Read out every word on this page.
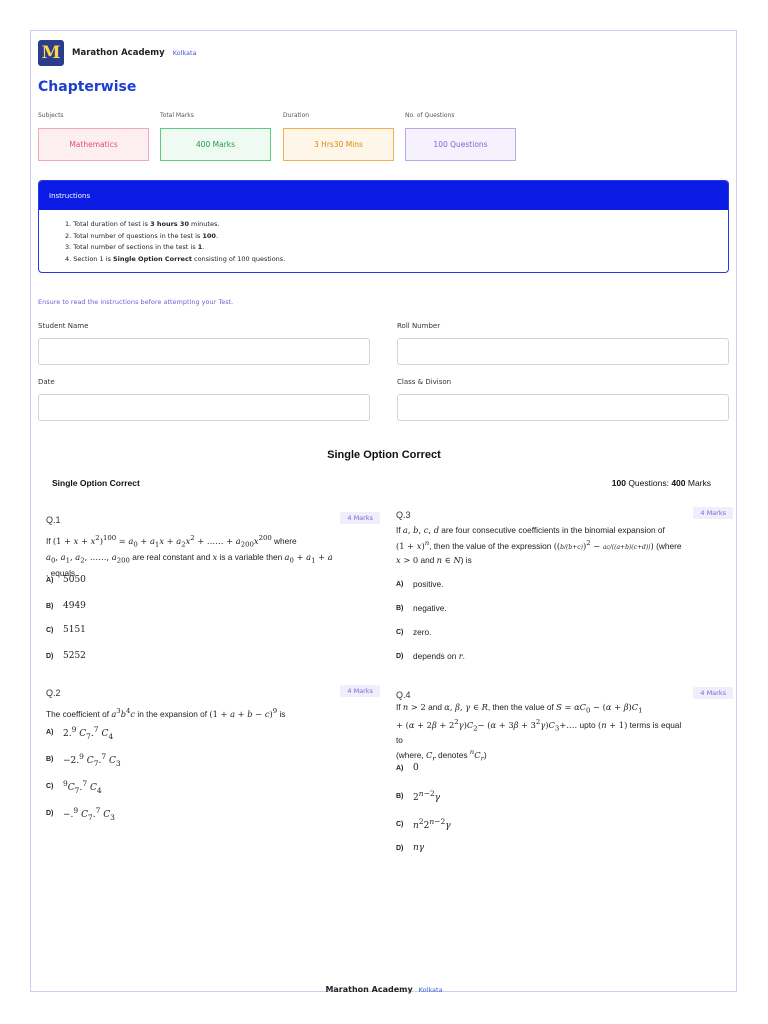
M	Marathon Academy Kolkata
Chapterwise
Subjects	Total Marks	Duration	No. of Questions
Mathematics	400 Marks	3 Hrs30 Mins	100 Questions
Instructions
1. Total duration of test is 3 hours 30 minutes.
2. Total number of questions in the test is 100.
3. Total number of sections in the test is 1.
4. Section 1 is Single Option Correct consisting of 100 questions.
Ensure to read the instructions before attempting your Test.
Student Name	Roll Number
Date	Class & Divison
Single Option Correct
Single Option Correct	100 Questions: 400 Marks
Q.1	4 Marks
If $(1 + x + x^2)^{100} = a_0 + a_1x + a_2x^2$ + …… + $a_{200}x^{200}$ where
$a_0$, $a_1$, $a_2$, ……, $a_{200}$ are real constant and x is a variable then $a_0 + a_1 + a$
, equals
A)	5050
B)	4949
C)	5151
D)	5252
Q.2	4 Marks
The coefficient of $a^3b^4c$ in the expansion of $(1 + a + b - c)^9$ is
A)	2.$^9$ $C_7.^7$ $C_4$
B)	−2.$^9$ $C_7.^7$ $C_3$
C)	$^9C_7.^7$ $C_4$
D)	−.$^9$ $C_7.^7$ $C_3$
Q.3	4 Marks
If a, b, c, d are four consecutive coefficients in the binomial expansion of
$(1 + x)^n$, then the value of the expression $((b/(b+c))^2 - ac/((a+b)(c+d)))$ (where
x > 0 and n ∈ N) is
A)	positive.
B)	negative.
C)	zero.
D)	depends on
r .
Q.4	4 Marks
If n > 2 and α, β, γ ∈ R, then the value of $S = \alpha C_0 - (\alpha + \beta)C_1$
+ $(\alpha + 2\beta + 2^2\gamma)C_2- (\alpha + 3\beta$ + $3^2\gamma)C_3+\dots$. upto (n + 1) terms is equal
to
(where, $C_r$ denotes $^nC_r$)
A)	0
B)	$2^{n-2}\gamma$
C)	$n^22^{n-2}\gamma$
D)	nγ
Marathon Academy Kolkata
